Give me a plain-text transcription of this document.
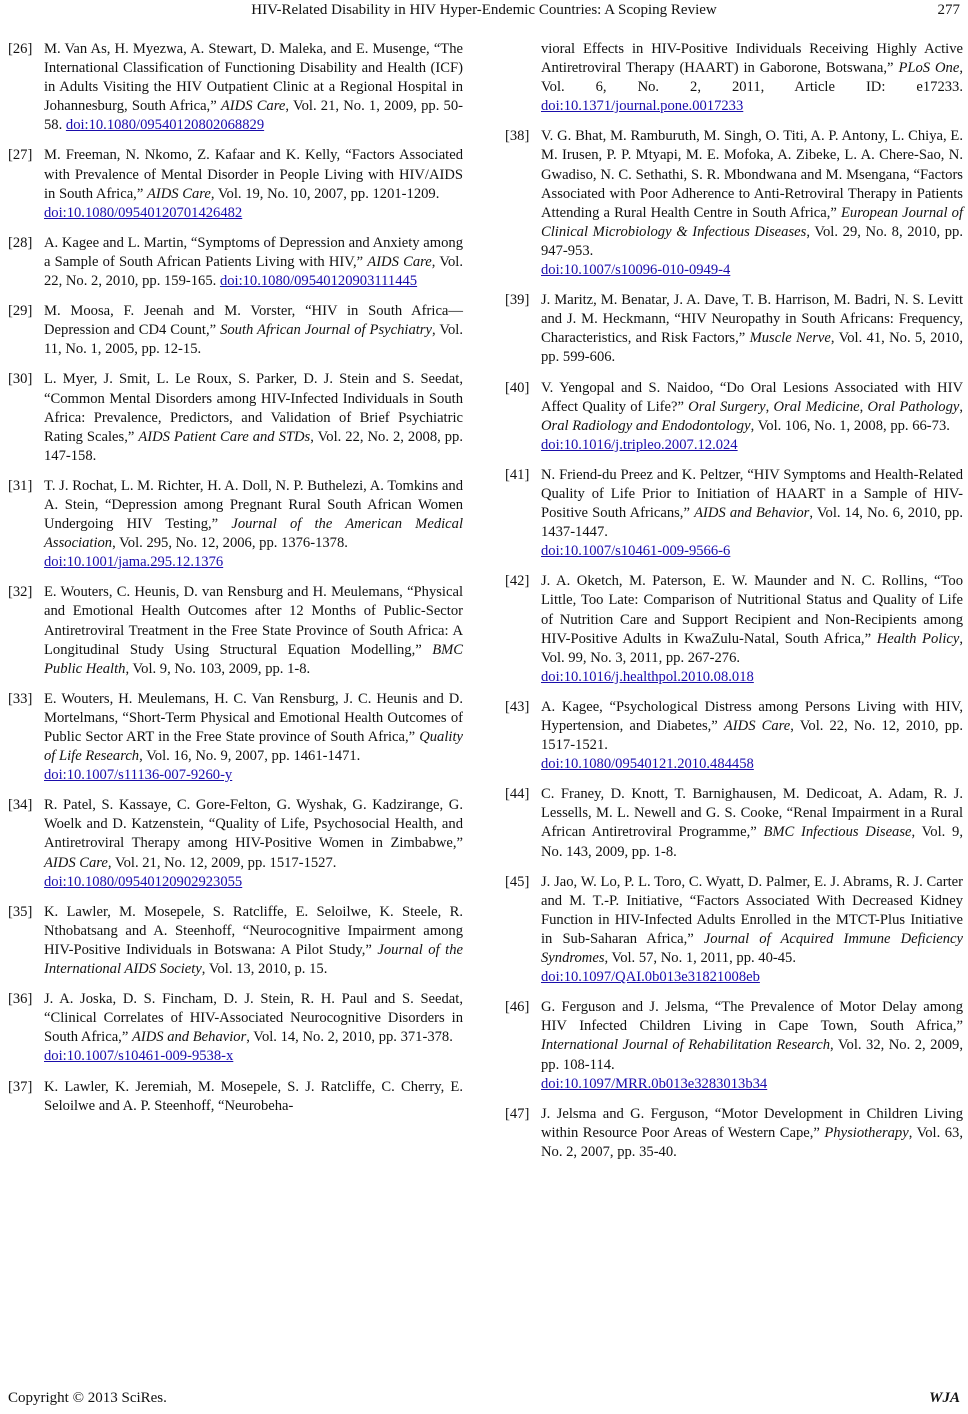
HIV-Related Disability in HIV Hyper-Endemic Countries: A Scoping Review	277
[26] M. Van As, H. Myezwa, A. Stewart, D. Maleka, and E. Musenge, “The International Classification of Functioning Disability and Health (ICF) in Adults Visiting the HIV Outpatient Clinic at a Regional Hospital in Johannesburg, South Africa,” AIDS Care, Vol. 21, No. 1, 2009, pp. 50-58. doi:10.1080/09540120802068829
[27] M. Freeman, N. Nkomo, Z. Kafaar and K. Kelly, “Factors Associated with Prevalence of Mental Disorder in People Living with HIV/AIDS in South Africa,” AIDS Care, Vol. 19, No. 10, 2007, pp. 1201-1209.
doi:10.1080/09540120701426482
[28] A. Kagee and L. Martin, “Symptoms of Depression and Anxiety among a Sample of South African Patients Living with HIV,” AIDS Care, Vol. 22, No. 2, 2010, pp. 159-165. doi:10.1080/09540120903111445
[29] M. Moosa, F. Jeenah and M. Vorster, “HIV in South Africa—Depression and CD4 Count,” South African Journal of Psychiatry, Vol. 11, No. 1, 2005, pp. 12-15.
[30] L. Myer, J. Smit, L. Le Roux, S. Parker, D. J. Stein and S. Seedat, “Common Mental Disorders among HIV-Infected Individuals in South Africa: Prevalence, Predictors, and Validation of Brief Psychiatric Rating Scales,” AIDS Patient Care and STDs, Vol. 22, No. 2, 2008, pp. 147-158.
[31] T. J. Rochat, L. M. Richter, H. A. Doll, N. P. Buthelezi, A. Tomkins and A. Stein, “Depression among Pregnant Rural South African Women Undergoing HIV Testing,” Journal of the American Medical Association, Vol. 295, No. 12, 2006, pp. 1376-1378.
doi:10.1001/jama.295.12.1376
[32] E. Wouters, C. Heunis, D. van Rensburg and H. Meulemans, “Physical and Emotional Health Outcomes after 12 Months of Public-Sector Antiretroviral Treatment in the Free State Province of South Africa: A Longitudinal Study Using Structural Equation Modelling,” BMC Public Health, Vol. 9, No. 103, 2009, pp. 1-8.
[33] E. Wouters, H. Meulemans, H. C. Van Rensburg, J. C. Heunis and D. Mortelmans, “Short-Term Physical and Emotional Health Outcomes of Public Sector ART in the Free State province of South Africa,” Quality of Life Research, Vol. 16, No. 9, 2007, pp. 1461-1471.
doi:10.1007/s11136-007-9260-y
[34] R. Patel, S. Kassaye, C. Gore-Felton, G. Wyshak, G. Kadzirange, G. Woelk and D. Katzenstein, “Quality of Life, Psychosocial Health, and Antiretroviral Therapy among HIV-Positive Women in Zimbabwe,” AIDS Care, Vol. 21, No. 12, 2009, pp. 1517-1527.
doi:10.1080/09540120902923055
[35] K. Lawler, M. Mosepele, S. Ratcliffe, E. Seloilwe, K. Steele, R. Nthobatsang and A. Steenhoff, “Neurocognitive Impairment among HIV-Positive Individuals in Botswana: A Pilot Study,” Journal of the International AIDS Society, Vol. 13, 2010, p. 15.
[36] J. A. Joska, D. S. Fincham, D. J. Stein, R. H. Paul and S. Seedat, “Clinical Correlates of HIV-Associated Neurocognitive Disorders in South Africa,” AIDS and Behavior, Vol. 14, No. 2, 2010, pp. 371-378.
doi:10.1007/s10461-009-9538-x
[37] K. Lawler, K. Jeremiah, M. Mosepele, S. J. Ratcliffe, C. Cherry, E. Seloilwe and A. P. Steenhoff, “Neurobeha-
vioral Effects in HIV-Positive Individuals Receiving Highly Active Antiretroviral Therapy (HAART) in Gaborone, Botswana,” PLoS One, Vol. 6, No. 2, 2011, Article ID: e17233. doi:10.1371/journal.pone.0017233
[38] V. G. Bhat, M. Ramburuth, M. Singh, O. Titi, A. P. Antony, L. Chiya, E. M. Irusen, P. P. Mtyapi, M. E. Mofoka, A. Zibeke, L. A. Chere-Sao, N. Gwadiso, N. C. Sethathi, S. R. Mbondwana and M. Msengana, “Factors Associated with Poor Adherence to Anti-Retroviral Therapy in Patients Attending a Rural Health Centre in South Africa,” European Journal of Clinical Microbiology & Infectious Diseases, Vol. 29, No. 8, 2010, pp. 947-953.
doi:10.1007/s10096-010-0949-4
[39] J. Maritz, M. Benatar, J. A. Dave, T. B. Harrison, M. Badri, N. S. Levitt and J. M. Heckmann, “HIV Neuropathy in South Africans: Frequency, Characteristics, and Risk Factors,” Muscle Nerve, Vol. 41, No. 5, 2010, pp. 599-606.
[40] V. Yengopal and S. Naidoo, “Do Oral Lesions Associated with HIV Affect Quality of Life?” Oral Surgery, Oral Medicine, Oral Pathology, Oral Radiology and Endodontology, Vol. 106, No. 1, 2008, pp. 66-73.
doi:10.1016/j.tripleo.2007.12.024
[41] N. Friend-du Preez and K. Peltzer, “HIV Symptoms and Health-Related Quality of Life Prior to Initiation of HAART in a Sample of HIV-Positive South Africans,” AIDS and Behavior, Vol. 14, No. 6, 2010, pp. 1437-1447.
doi:10.1007/s10461-009-9566-6
[42] J. A. Oketch, M. Paterson, E. W. Maunder and N. C. Rollins, “Too Little, Too Late: Comparison of Nutritional Status and Quality of Life of Nutrition Care and Support Recipient and Non-Recipients among HIV-Positive Adults in KwaZulu-Natal, South Africa,” Health Policy, Vol. 99, No. 3, 2011, pp. 267-276.
doi:10.1016/j.healthpol.2010.08.018
[43] A. Kagee, “Psychological Distress among Persons Living with HIV, Hypertension, and Diabetes,” AIDS Care, Vol. 22, No. 12, 2010, pp. 1517-1521.
doi:10.1080/09540121.2010.484458
[44] C. Franey, D. Knott, T. Barnighausen, M. Dedicoat, A. Adam, R. J. Lessells, M. L. Newell and G. S. Cooke, “Renal Impairment in a Rural African Antiretroviral Programme,” BMC Infectious Disease, Vol. 9, No. 143, 2009, pp. 1-8.
[45] J. Jao, W. Lo, P. L. Toro, C. Wyatt, D. Palmer, E. J. Abrams, R. J. Carter and M. T.-P. Initiative, “Factors Associated With Decreased Kidney Function in HIV-Infected Adults Enrolled in the MTCT-Plus Initiative in Sub-Saharan Africa,” Journal of Acquired Immune Deficiency Syndromes, Vol. 57, No. 1, 2011, pp. 40-45.
doi:10.1097/QAI.0b013e31821008eb
[46] G. Ferguson and J. Jelsma, “The Prevalence of Motor Delay among HIV Infected Children Living in Cape Town, South Africa,” International Journal of Rehabilitation Research, Vol. 32, No. 2, 2009, pp. 108-114.
doi:10.1097/MRR.0b013e3283013b34
[47] J. Jelsma and G. Ferguson, “Motor Development in Children Living within Resource Poor Areas of Western Cape,” Physiotherapy, Vol. 63, No. 2, 2007, pp. 35-40.
Copyright © 2013 SciRes.	WJA
